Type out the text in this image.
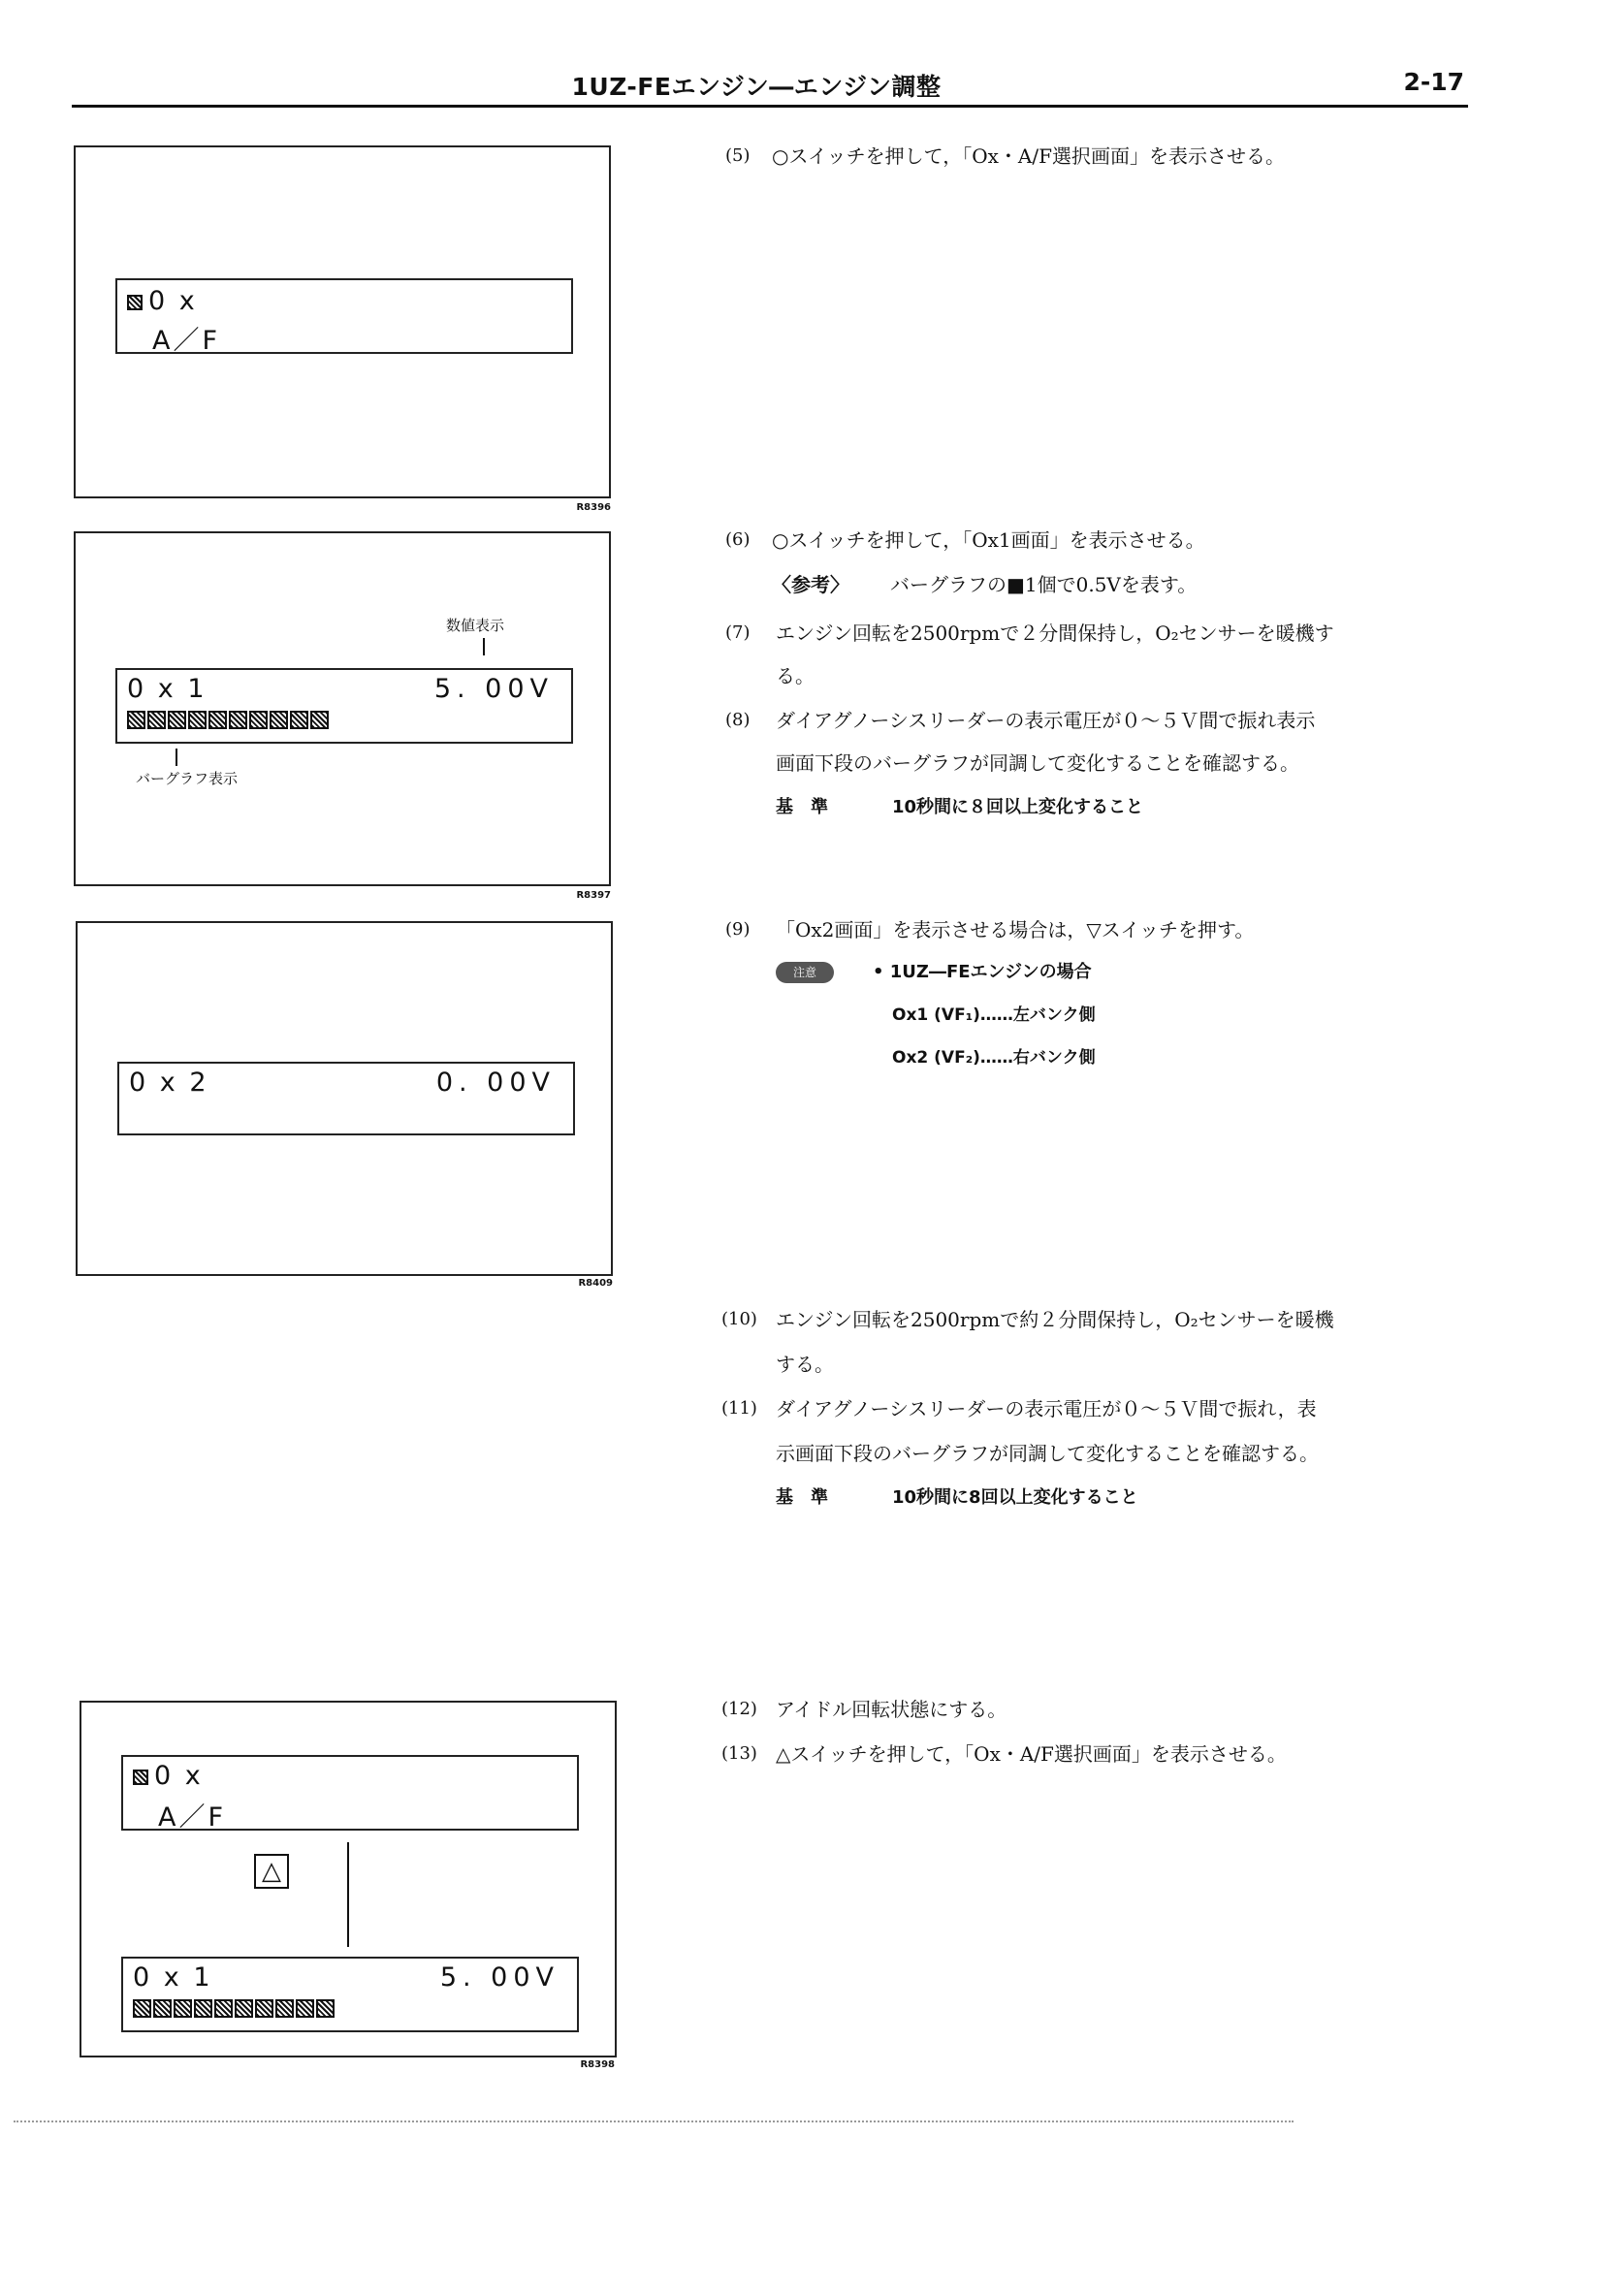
1UZ-FEエンジン―エンジン調整	2-17
0 x
A／F
R8396
数値表示
0 x 1	5. 00V
バーグラフ表示
R8397
0 x 2	0. 00V
R8409
0 x
A／F
△
0 x 1	5. 00V
R8398
(5) ○スイッチを押して，「Ox・A/F選択画面」を表示させる。
(6) ○スイッチを押して，「Ox1画面」を表示させる。
〈参考〉 バーグラフの■1個で0.5Vを表す。
(7) エンジン回転を2500rpmで２分間保持し，O₂センサーを暖機す
る。
(8) ダイアグノーシスリーダーの表示電圧が０～５Ｖ間で振れ表示
画面下段のバーグラフが同調して変化することを確認する。
基　準	10秒間に８回以上変化すること
(9) 「Ox2画面」を表示させる場合は，▽スイッチを押す。
注意	• 1UZ―FEエンジンの場合
Ox1 (VF₁)……左バンク側
Ox2 (VF₂)……右バンク側
(10) エンジン回転を2500rpmで約２分間保持し，O₂センサーを暖機
する。
(11) ダイアグノーシスリーダーの表示電圧が０～５Ｖ間で振れ，表
示画面下段のバーグラフが同調して変化することを確認する。
基　準	10秒間に8回以上変化すること
(12) アイドル回転状態にする。
(13) △スイッチを押して，「Ox・A/F選択画面」を表示させる。
